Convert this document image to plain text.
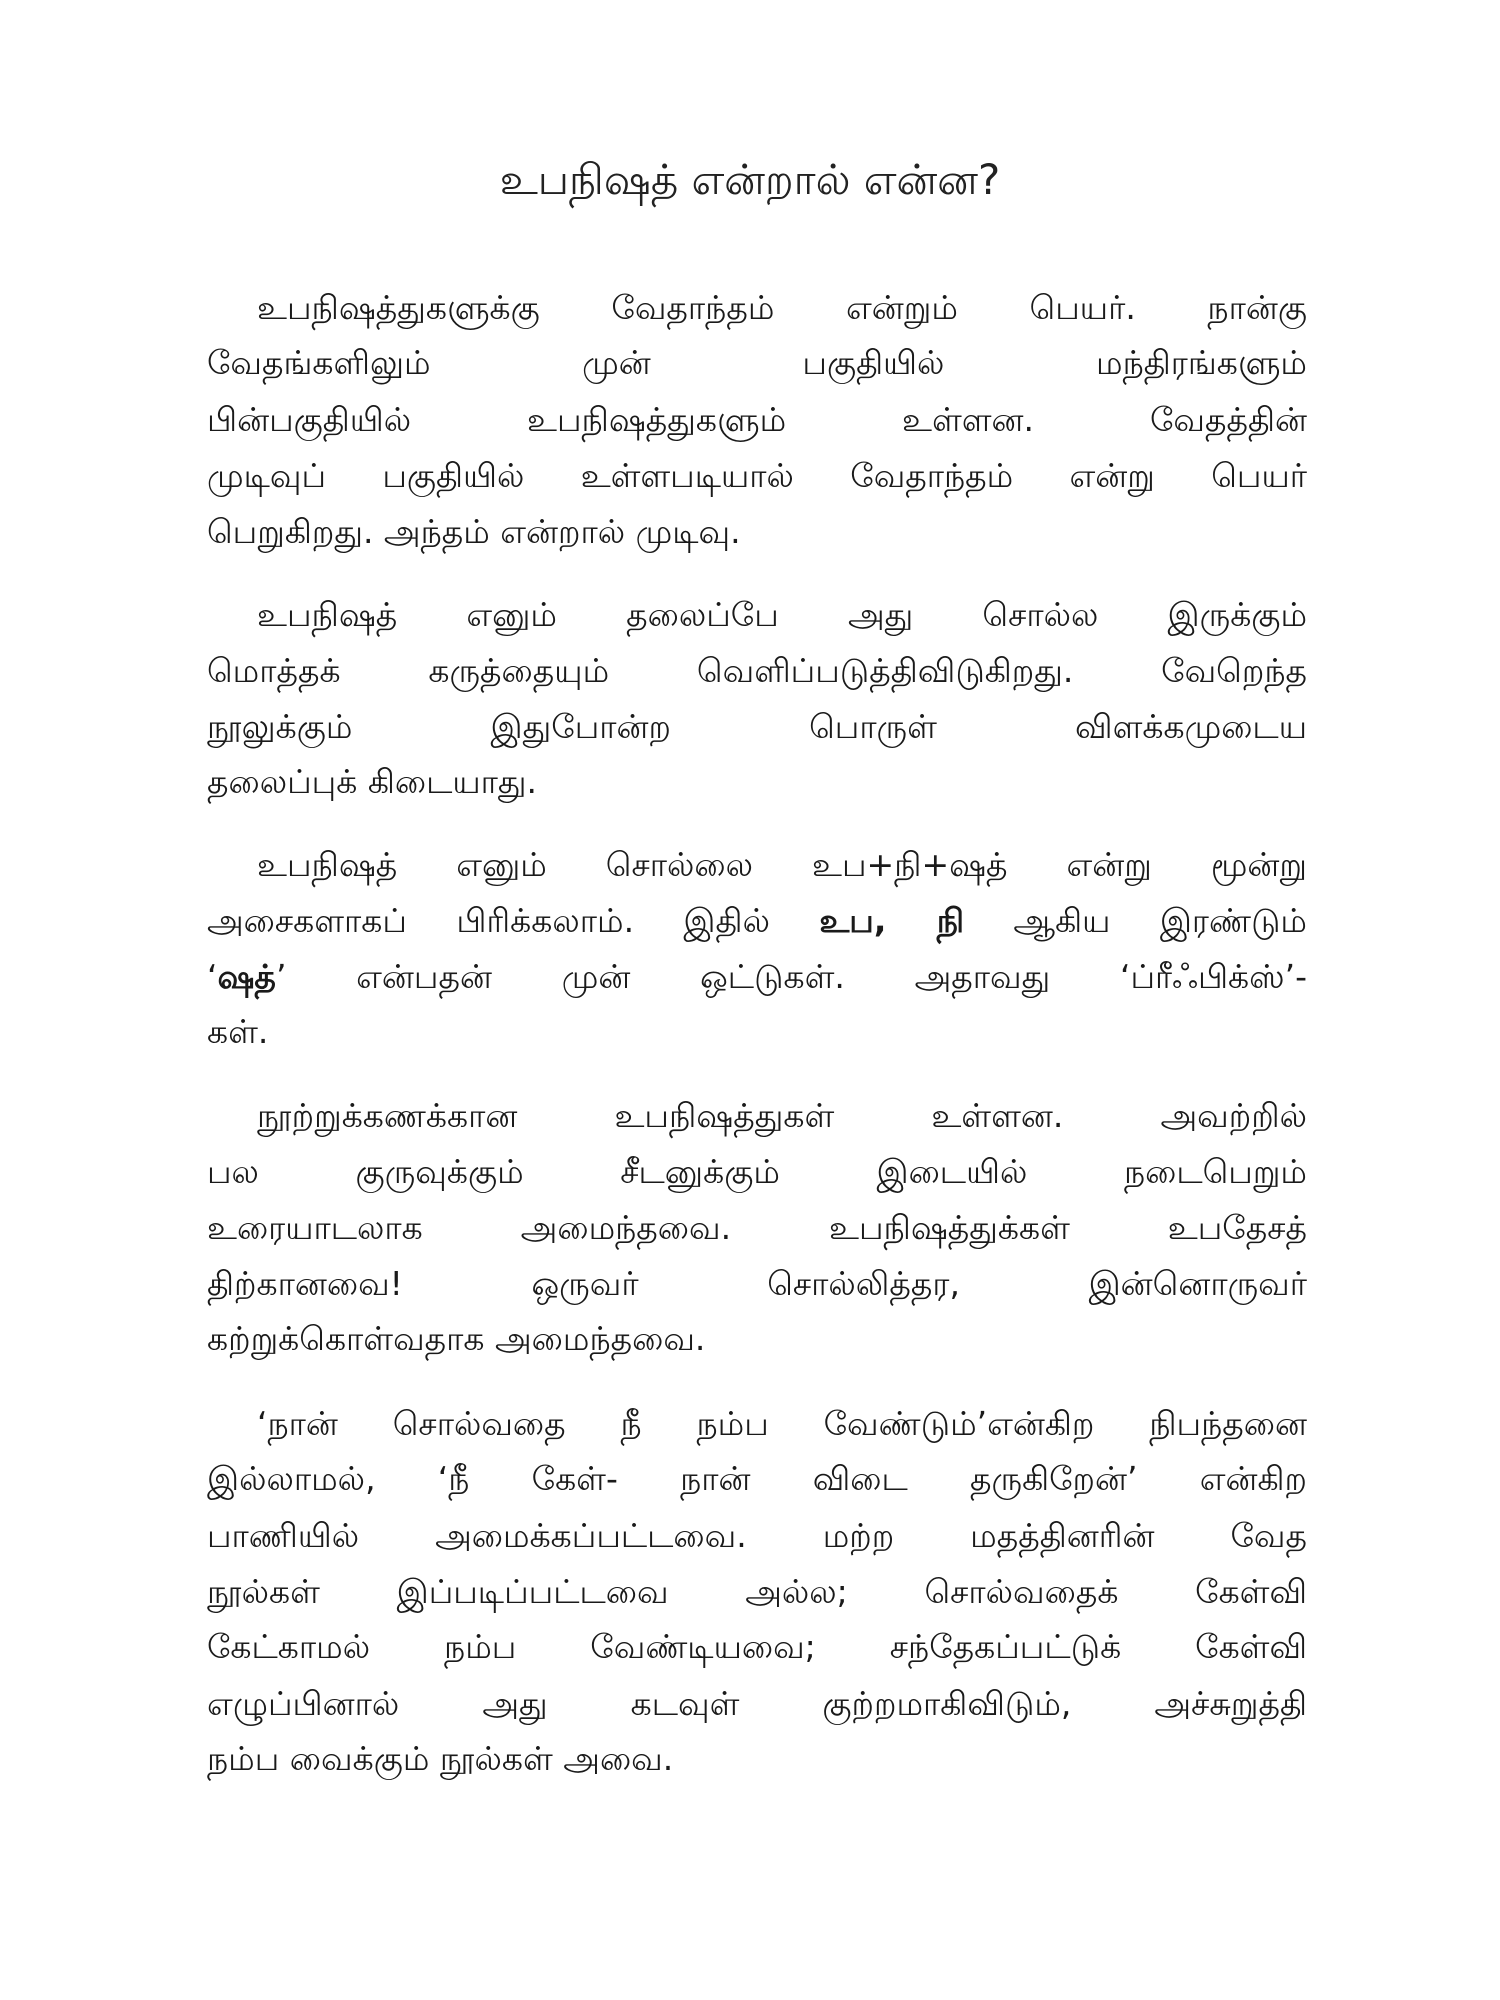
உபநிஷத் என்றால் என்ன?
உபநிஷத்துகளுக்கு வேதாந்தம் என்றும் பெயர். நான்கு
வேதங்களிலும் முன் பகுதியில் மந்திரங்களும்
பின்பகுதியில் உபநிஷத்துகளும் உள்ளன. வேதத்தின்
முடிவுப் பகுதியில் உள்ளபடியால் வேதாந்தம் என்று பெயர்
பெறுகிறது. அந்தம் என்றால் முடிவு.
உபநிஷத் எனும் தலைப்பே அது சொல்ல இருக்கும்
மொத்தக் கருத்தையும் வெளிப்படுத்திவிடுகிறது. வேறெந்த
நூலுக்கும் இதுபோன்ற பொருள் விளக்கமுடைய
தலைப்புக் கிடையாது.
உபநிஷத் எனும் சொல்லை உப+நி+ஷத் என்று மூன்று
அசைகளாகப் பிரிக்கலாம். இதில் உப, நி ஆகிய இரண்டும்
‘ஷத்’ என்பதன் முன் ஒட்டுகள். அதாவது ‘ப்ரீஃபிக்ஸ்’-
கள்.
நூற்றுக்கணக்கான உபநிஷத்துகள் உள்ளன. அவற்றில்
பல குருவுக்கும் சீடனுக்கும் இடையில் நடைபெறும்
உரையாடலாக அமைந்தவை. உபநிஷத்துக்கள் உபதேசத்
திற்கானவை! ஒருவர் சொல்லித்தர, இன்னொருவர்
கற்றுக்கொள்வதாக அமைந்தவை.
‘நான் சொல்வதை நீ நம்ப வேண்டும்’என்கிற நிபந்தனை
இல்லாமல், ‘நீ கேள்- நான் விடை தருகிறேன்’ என்கிற
பாணியில் அமைக்கப்பட்டவை. மற்ற மதத்தினரின் வேத
நூல்கள் இப்படிப்பட்டவை அல்ல; சொல்வதைக் கேள்வி
கேட்காமல் நம்ப வேண்டியவை; சந்தேகப்பட்டுக் கேள்வி
எழுப்பினால் அது கடவுள் குற்றமாகிவிடும், அச்சுறுத்தி
நம்ப வைக்கும் நூல்கள் அவை.
